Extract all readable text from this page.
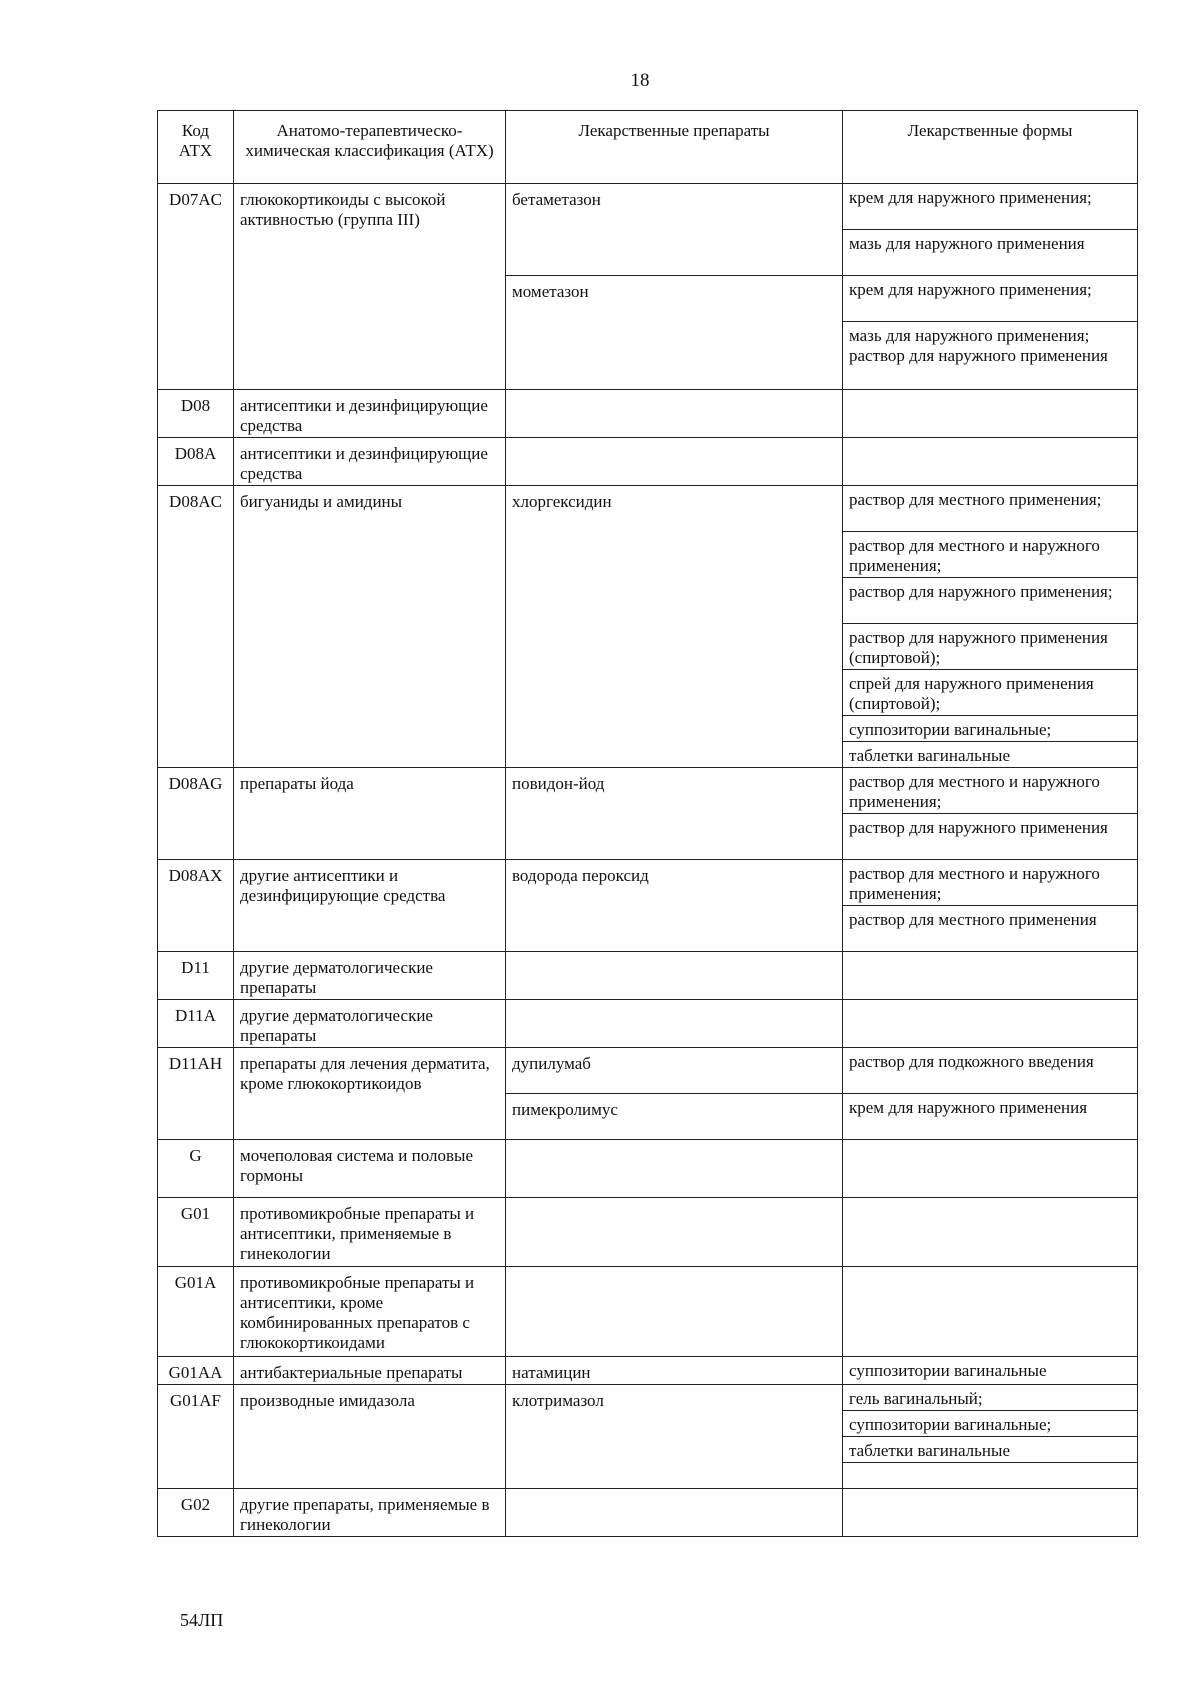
18
Код АТХ	Анатомо-терапевтическо-химическая классификация (АТХ)	Лекарственные препараты	Лекарственные формы
D07AC	глюкокортикоиды с высокой активностью (группа III)	бетаметазон	крем для наружного применения;
			мазь для наружного применения
		мометазон	крем для наружного применения;
			мазь для наружного применения; раствор для наружного применения
D08	антисептики и дезинфицирующие средства		
D08A	антисептики и дезинфицирующие средства		
D08AC	бигуаниды и амидины	хлоргексидин	раствор для местного применения;
			раствор для местного и наружного применения;
			раствор для наружного применения;
			раствор для наружного применения (спиртовой);
			спрей для наружного применения (спиртовой);
			суппозитории вагинальные;
			таблетки вагинальные
D08AG	препараты йода	повидон-йод	раствор для местного и наружного применения;
			раствор для наружного применения
D08AX	другие антисептики и дезинфицирующие средства	водорода пероксид	раствор для местного и наружного применения;
			раствор для местного применения
D11	другие дерматологические препараты		
D11A	другие дерматологические препараты		
D11AH	препараты для лечения дерматита, кроме глюкокортикоидов	дупилумаб	раствор для подкожного введения
		пимекролимус	крем для наружного применения
G	мочеполовая система и половые гормоны		
G01	противомикробные препараты и антисептики, применяемые в гинекологии		
G01A	противомикробные препараты и антисептики, кроме комбинированных препаратов с глюкокортикоидами		
G01AA	антибактериальные препараты	натамицин	суппозитории вагинальные
G01AF	производные имидазола	клотримазол	гель вагинальный;
			суппозитории вагинальные;
			таблетки вагинальные

G02	другие препараты, применяемые в гинекологии		
54ЛП
